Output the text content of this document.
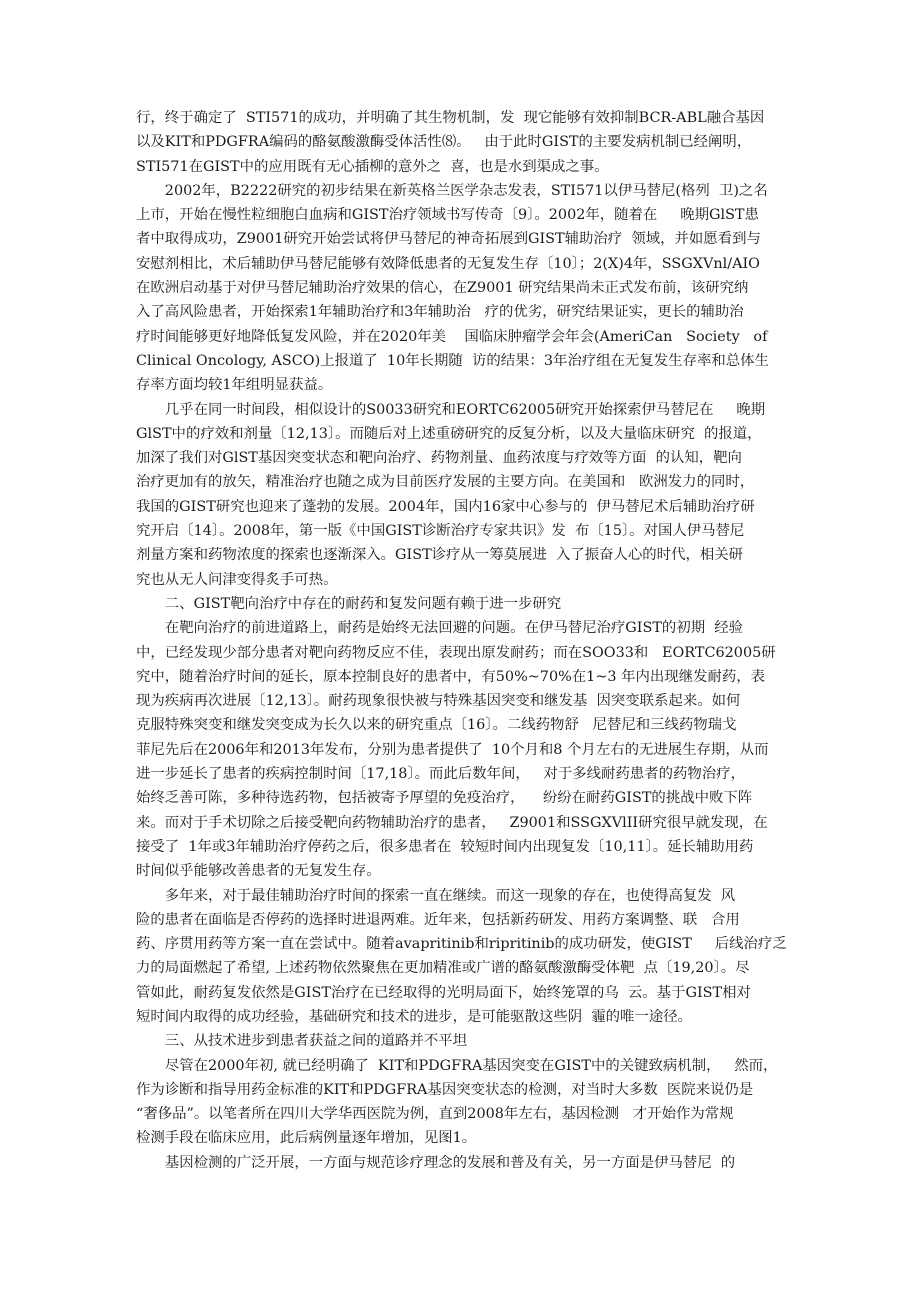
行，终于确定了  STI571的成功，并明确了其生物机制，发  现它能够有效抑制BCR-ABL融合基因
以及KIT和PDGFRA编码的酪氨酸激酶受体活性⑻。   由于此时GIST的主要发病机制已经阐明，
STI571在GIST中的应用既有无心插柳的意外之  喜，也是水到渠成之事。

2002年，B2222研究的初步结果在新英格兰医学杂志发表，STI571以伊马替尼(格列  卫)之名
上市，开始在慢性粒细胞白血病和GIST治疗领域书写传奇〔9〕。2002年，随着在     晚期GlST患
者中取得成功，Z9001研究开始尝试将伊马替尼的神奇拓展到GIST辅助治疗  领域，并如愿看到与
安慰剂相比，术后辅助伊马替尼能够有效降低患者的无复发生存〔10〕；2(X)4年，SSGXVnl/AIO
在欧洲启动基于对伊马替尼辅助治疗效果的信心，在Z9001 研究结果尚未正式发布前，该研究纳
入了高风险患者，开始探索1年辅助治疗和3年辅助治   疗的优劣，研究结果证实，更长的辅助治
疗时间能够更好地降低复发风险，并在2020年美    国临床肿瘤学会年会(AmeriCan   Society   of
Clinical Oncology, ASCO)上报道了  10年长期随  访的结果：3年治疗组在无复发生存率和总体生
存率方面均较1年组明显获益。

几乎在同一时间段，相似设计的S0033研究和EORTC62005研究开始探索伊马替尼在     晚期
GlST中的疗效和剂量〔12,13〕。而随后对上述重磅研究的反复分析，以及大量临床研究  的报道，
加深了我们对GlST基因突变状态和靶向治疗、药物剂量、血药浓度与疗效等方面  的认知，靶向
治疗更加有的放矢，精准治疗也随之成为目前医疗发展的主要方向。在美国和   欧洲发力的同时，
我国的GIST研究也迎来了蓬勃的发展。2004年，国内16家中心参与的  伊马替尼术后辅助治疗研
究开启〔14〕。2008年，第一版《中国GIST诊断治疗专家共识》发  布〔15〕。对国人伊马替尼
剂量方案和药物浓度的探索也逐渐深入。GIST诊疗从一筹莫展进  入了振奋人心的时代，相关研
究也从无人问津变得炙手可热。

二、GIST靶向治疗中存在的耐药和复发问题有赖于进一步研究

在靶向治疗的前进道路上，耐药是始终无法回避的问题。在伊马替尼治疗GIST的初期  经验
中，已经发现少部分患者对靶向药物反应不佳，表现出原发耐药；而在SOO33和   EORTC62005研
究中，随着治疗时间的延长，原本控制良好的患者中，有50%~70%在1~3 年内出现继发耐药，表
现为疾病再次进展〔12,13〕。耐药现象很快被与特殊基因突变和继发基  因突变联系起来。如何
克服特殊突变和继发突变成为长久以来的研究重点〔16〕。二线药物舒   尼替尼和三线药物瑞戈
菲尼先后在2006年和2013年发布，分别为患者提供了  10个月和8 个月左右的无进展生存期，从而
进一步延长了患者的疾病控制时间〔17,18〕。而此后数年间，   对于多线耐药患者的药物治疗，
始终乏善可陈，多种待选药物，包括被寄予厚望的免疫治疗，    纷纷在耐药GIST的挑战中败下阵
来。而对于手术切除之后接受靶向药物辅助治疗的患者，   Z9001和SSGXVlII研究很早就发现，在
接受了  1年或3年辅助治疗停药之后，很多患者在  较短时间内出现复发〔10,11〕。延长辅助用药
时间似乎能够改善患者的无复发生存。

多年来，对于最佳辅助治疗时间的探索一直在继续。而这一现象的存在，也使得高复发  风
险的患者在面临是否停药的选择时进退两难。近年来，包括新药研发、用药方案调整、联   合用
药、序贯用药等方案一直在尝试中。随着avapritinib和ripritinib的成功研发，使GIST     后线治疗乏
力的局面燃起了希望, 上述药物依然聚焦在更加精准或广谱的酪氨酸激酶受体靶  点〔19,20〕。尽
管如此，耐药复发依然是GIST治疗在已经取得的光明局面下，始终笼罩的乌  云。基于GIST相对
短时间内取得的成功经验，基础研究和技术的进步，是可能驱散这些阴  霾的唯一途径。

三、从技术进步到患者获益之间的道路并不平坦

尽管在2000年初, 就已经明确了  KIT和PDGFRA基因突变在GIST中的关键致病机制，   然而，
作为诊断和指导用药金标准的KIT和PDGFRA基因突变状态的检测，对当时大多数  医院来说仍是
“奢侈品”。以笔者所在四川大学华西医院为例，直到2008年左右，基因检测   才开始作为常规
检测手段在临床应用，此后病例量逐年增加，见图1。

基因检测的广泛开展，一方面与规范诊疗理念的发展和普及有关，另一方面是伊马替尼  的
